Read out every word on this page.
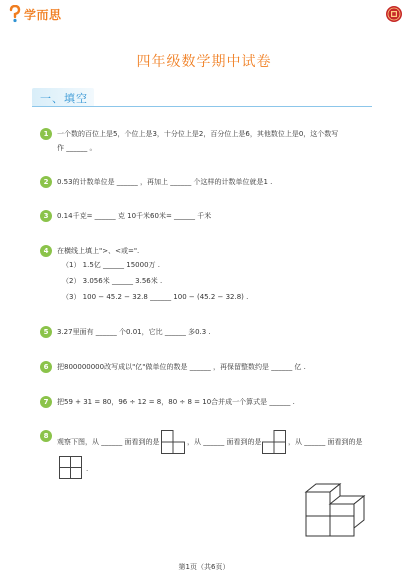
学而思
四年级数学期中试卷
一、填空
1	一个数的百位上是5，个位上是3，十分位上是2，百分位上是6，其他数位上是0，这个数写
作 ______ 。
2	0.53的计数单位是 ______ ，再加上 ______ 个这样的计数单位就是1 .
3	0.14千克= ______ 克 10千米60米= ______ 千米
4	在横线上填上">、<或=".
（1） 1.5亿 ______ 15000万 .
（2） 3.056米 ______ 3.56米 .
（3） 100 − 45.2 − 32.8 ______ 100 − (45.2 − 32.8) .
5	3.27里面有 ______ 个0.01，它比 ______ 多0.3 .
6	把800000000改写成以"亿"做单位的数是 ______ ，再保留整数约是 ______ 亿 .
7	把59 + 31 = 80，96 ÷ 12 = 8，80 ÷ 8 = 10合并成一个算式是 ______ .
8
观察下图，从 ______ 面看到的是	，从 ______ 面看到的是	，从 ______ 面看到的是
.
第1页（共6页）
